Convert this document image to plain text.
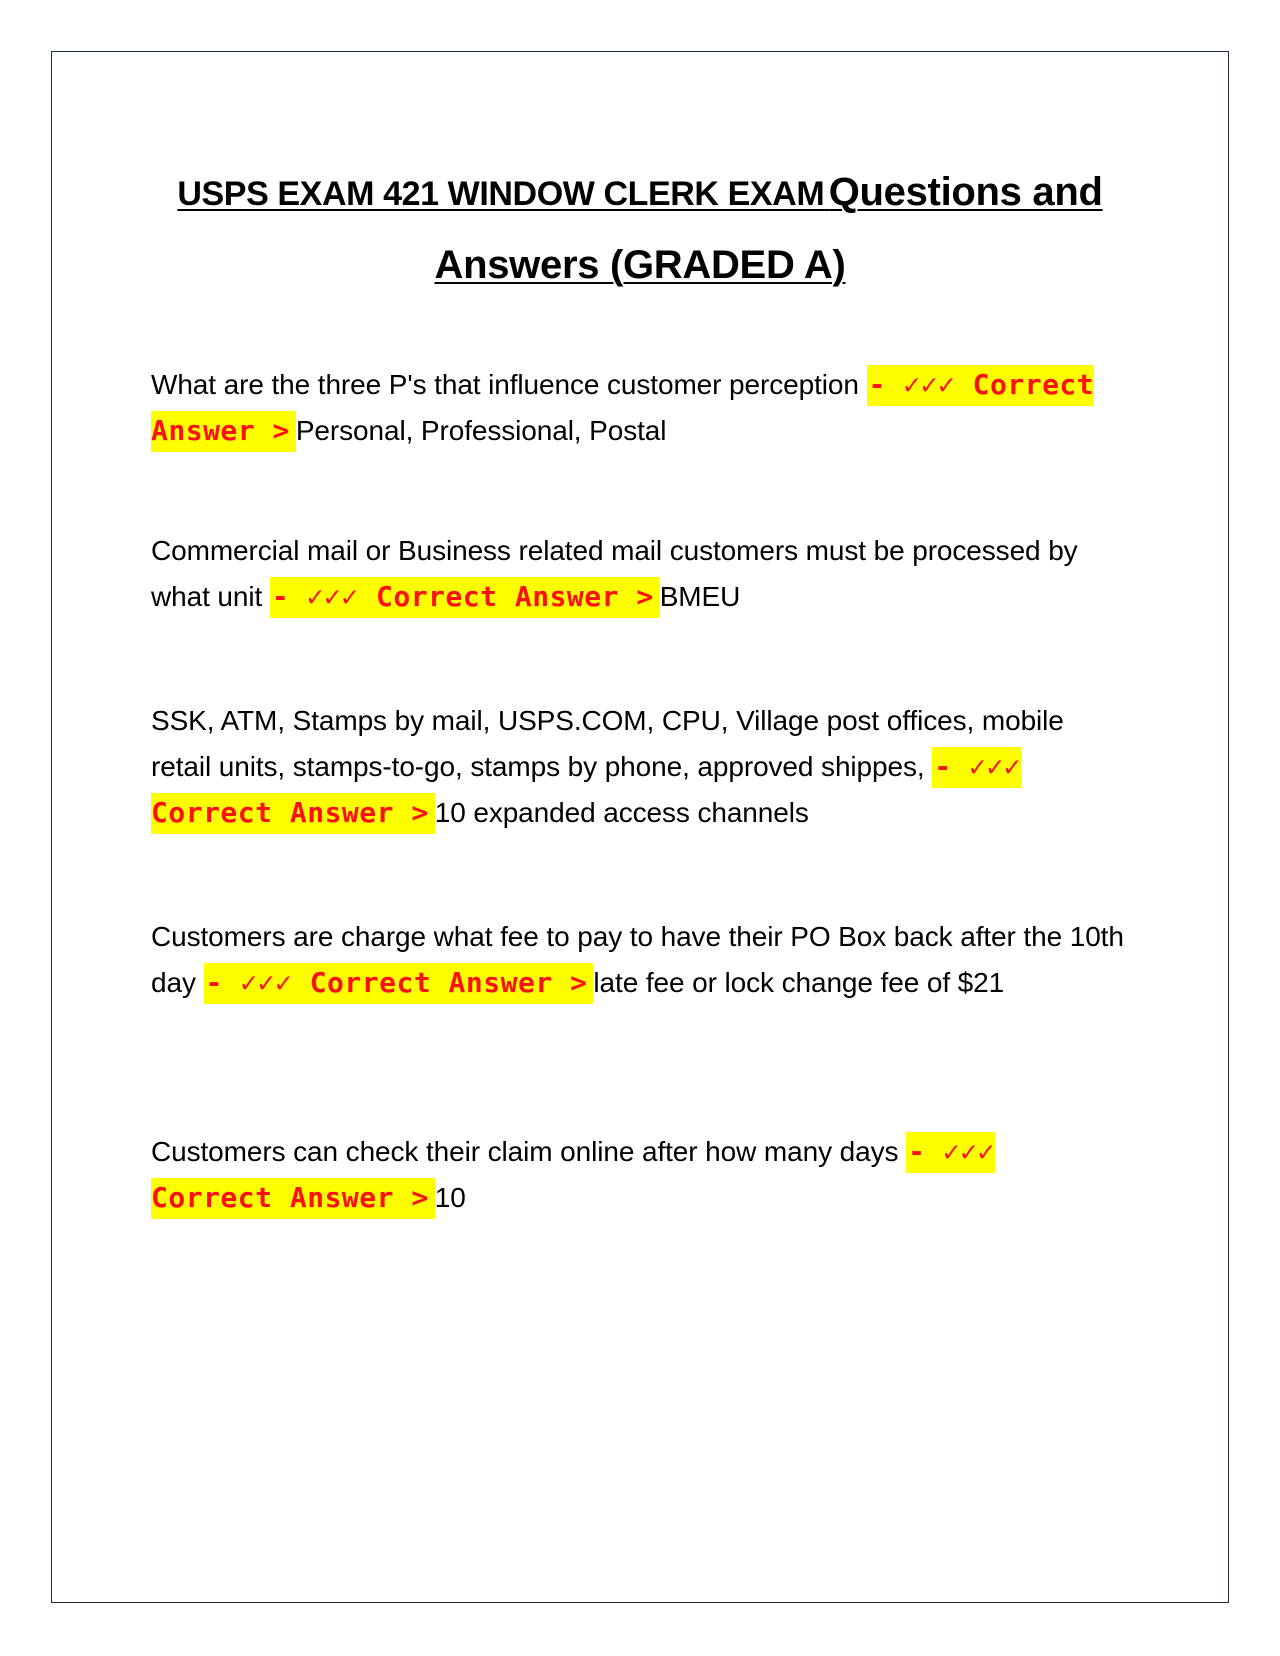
USPS EXAM 421 WINDOW CLERK EXAM Questions and
Answers (GRADED A)
What are the three P's that influence customer perception - ✓✓✓ Correct Answer > Personal, Professional, Postal
Commercial mail or Business related mail customers must be processed by what unit - ✓✓✓ Correct Answer > BMEU
SSK, ATM, Stamps by mail, USPS.COM, CPU, Village post offices, mobile retail units, stamps-to-go, stamps by phone, approved shippes, - ✓✓✓ Correct Answer > 10 expanded access channels
Customers are charge what fee to pay to have their PO Box back after the 10th day - ✓✓✓ Correct Answer > late fee or lock change fee of $21
Customers can check their claim online after how many days - ✓✓✓ Correct Answer > 10
